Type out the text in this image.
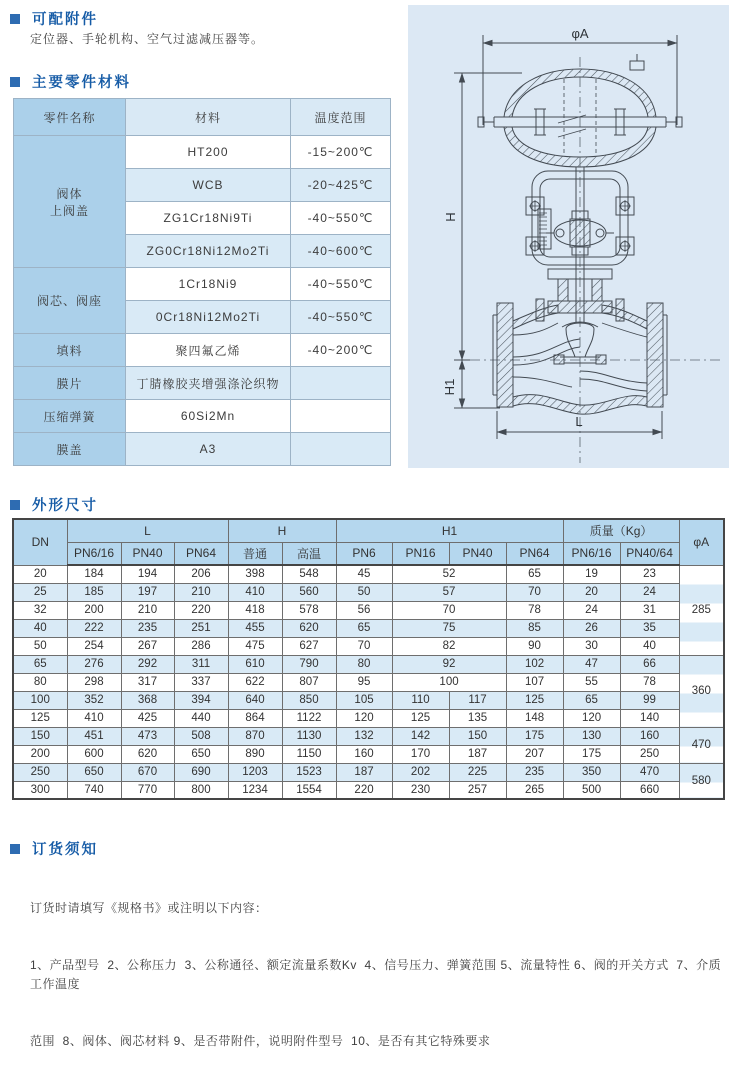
可配附件
定位器、手轮机构、空气过滤减压器等。
主要零件材料
零件名称	材料	温度范围
阀体
上阀盖	HT200	-15~200℃
	WCB	-20~425℃
	ZG1Cr18Ni9Ti	-40~550℃
	ZG0Cr18Ni12Mo2Ti	-40~600℃
阀芯、阀座	1Cr18Ni9	-40~550℃
	0Cr18Ni12Mo2Ti	-40~550℃
填料	聚四氟乙烯	-40~200℃
膜片	丁腈橡胶夹增强涤沦织物	
压缩弹簧	60Si2Mn	
膜盖	A3	
φA
H
H1
L
外形尺寸
DN	L			H		H1				质量（Kg）		φA
	PN6/16	PN40	PN64	普通	高温	PN6	PN16	PN40	PN64	PN6/16	PN40/64	
20	184	194	206	398	548	45	52		65	19	23	285
25	185	197	210	410	560	50	57		70	20	24	
32	200	210	220	418	578	56	70		78	24	31	
40	222	235	251	455	620	65	75		85	26	35	
50	254	267	286	475	627	70	82		90	30	40	
65	276	292	311	610	790	80	92		102	47	66	360
80	298	317	337	622	807	95	100		107	55	78	
100	352	368	394	640	850	105	110	117	125	65	99	
125	410	425	440	864	1122	120	125	135	148	120	140	
150	451	473	508	870	1130	132	142	150	175	130	160	470
200	600	620	650	890	1150	160	170	187	207	175	250	
250	650	670	690	1203	1523	187	202	225	235	350	470	580
300	740	770	800	1234	1554	220	230	257	265	500	660	
订货须知

订货时请填写《规格书》或注明以下内容：

1、产品型号  2、公称压力  3、公称通径、额定流量系数Kv  4、信号压力、弹簧范围 5、流量特性 6、阀的开关方式  7、介质工作温度

范围  8、阀体、阀芯材料 9、是否带附件，说明附件型号  10、是否有其它特殊要求
